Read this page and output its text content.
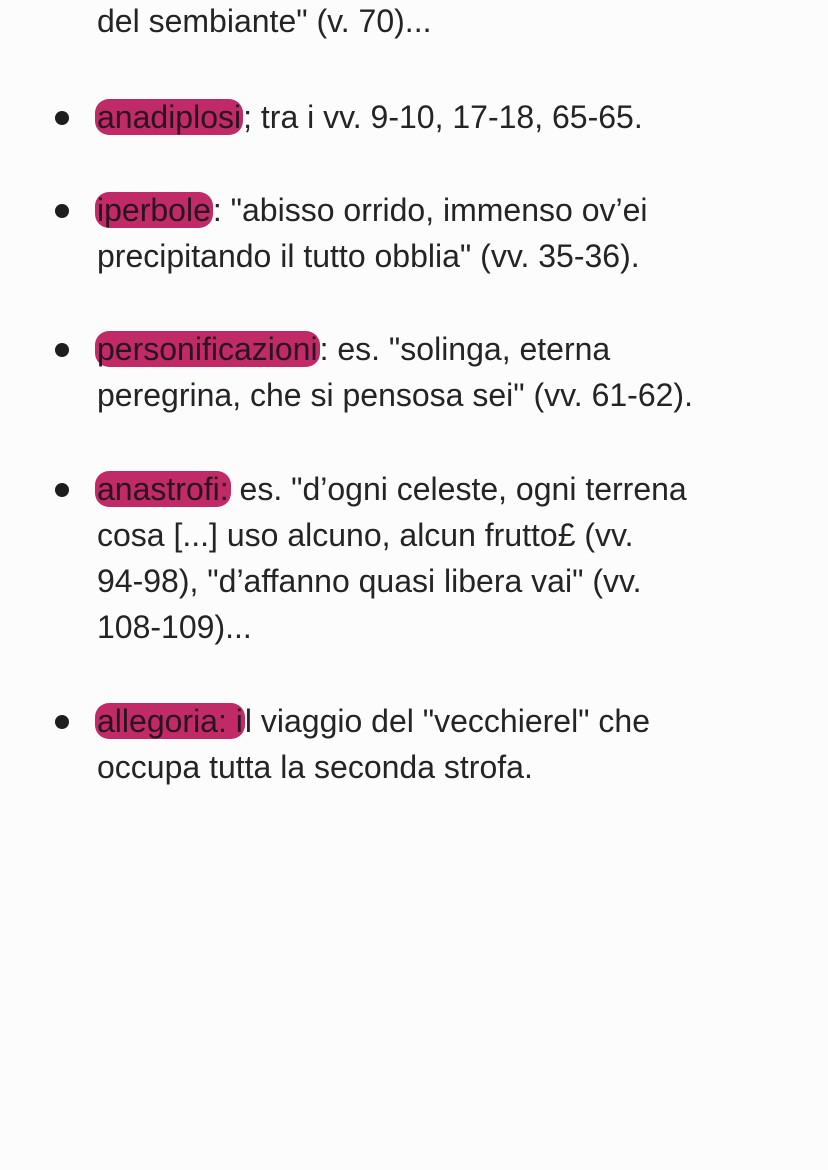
del sembiante" (v. 70)...

anadiplosi; tra i vv. 9-10, 17-18, 65-65.

iperbole: "abisso orrido, immenso ov’ei
precipitando il tutto obblia" (vv. 35-36).

personificazioni: es. "solinga, eterna
peregrina, che si pensosa sei" (vv. 61-62).

anastrofi: es. "d’ogni celeste, ogni terrena
cosa [...] uso alcuno, alcun frutto£ (vv.
94-98), "d’affanno quasi libera vai" (vv.
108-109)...

allegoria: il viaggio del "vecchierel" che
occupa tutta la seconda strofa.
